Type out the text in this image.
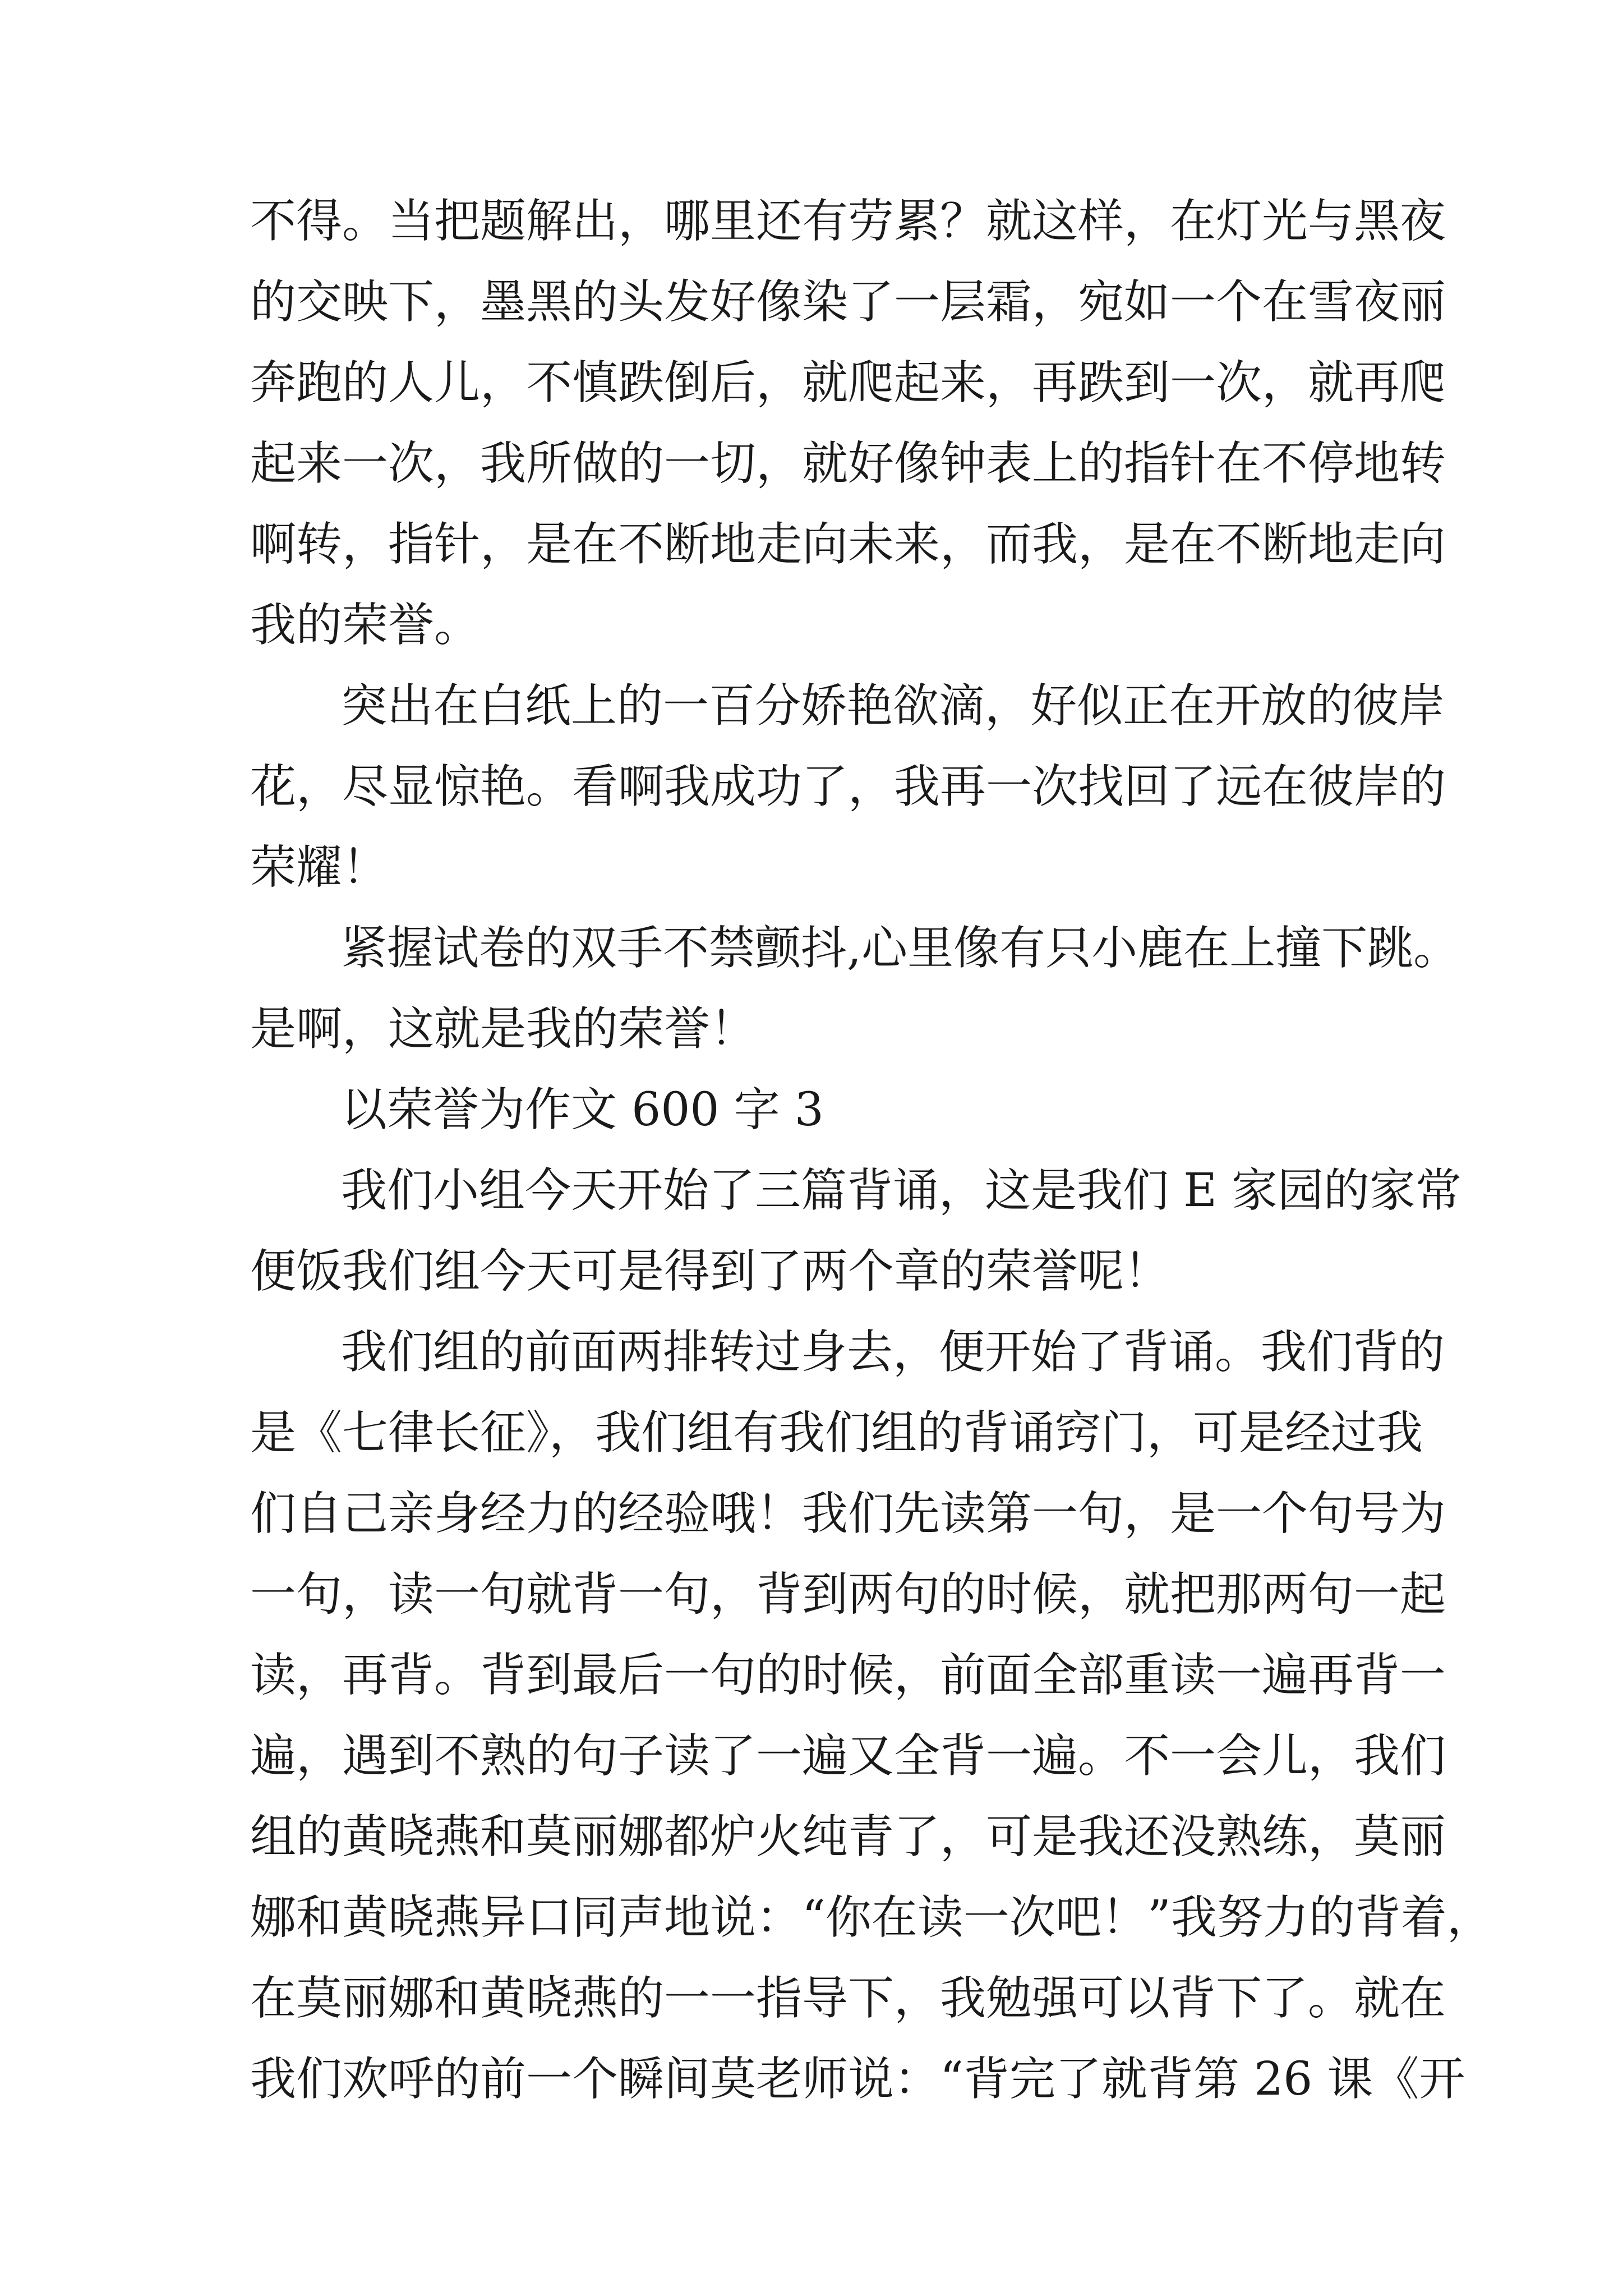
不得。当把题解出，哪里还有劳累？就这样，在灯光与黑夜

的交映下，墨黑的头发好像染了一层霜，宛如一个在雪夜丽

奔跑的人儿，不慎跌倒后，就爬起来，再跌到一次，就再爬

起来一次，我所做的一切，就好像钟表上的指针在不停地转

啊转，指针，是在不断地走向未来，而我，是在不断地走向

我的荣誉。

突出在白纸上的一百分娇艳欲滴，好似正在开放的彼岸

花，尽显惊艳。看啊我成功了，我再一次找回了远在彼岸的

荣耀！

紧握试卷的双手不禁颤抖,心里像有只小鹿在上撞下跳。

是啊，这就是我的荣誉！

以荣誉为作文 600 字 3

我们小组今天开始了三篇背诵，这是我们 E 家园的家常

便饭我们组今天可是得到了两个章的荣誉呢！

我们组的前面两排转过身去，便开始了背诵。我们背的

是《七律长征》，我们组有我们组的背诵窍门，可是经过我

们自己亲身经力的经验哦！我们先读第一句，是一个句号为

一句，读一句就背一句，背到两句的时候，就把那两句一起

读，再背。背到最后一句的时候，前面全部重读一遍再背一

遍，遇到不熟的句子读了一遍又全背一遍。不一会儿，我们

组的黄晓燕和莫丽娜都炉火纯青了，可是我还没熟练，莫丽

娜和黄晓燕异口同声地说：“你在读一次吧！”我努力的背着，

在莫丽娜和黄晓燕的一一指导下，我勉强可以背下了。就在

我们欢呼的前一个瞬间莫老师说：“背完了就背第 26 课《开
